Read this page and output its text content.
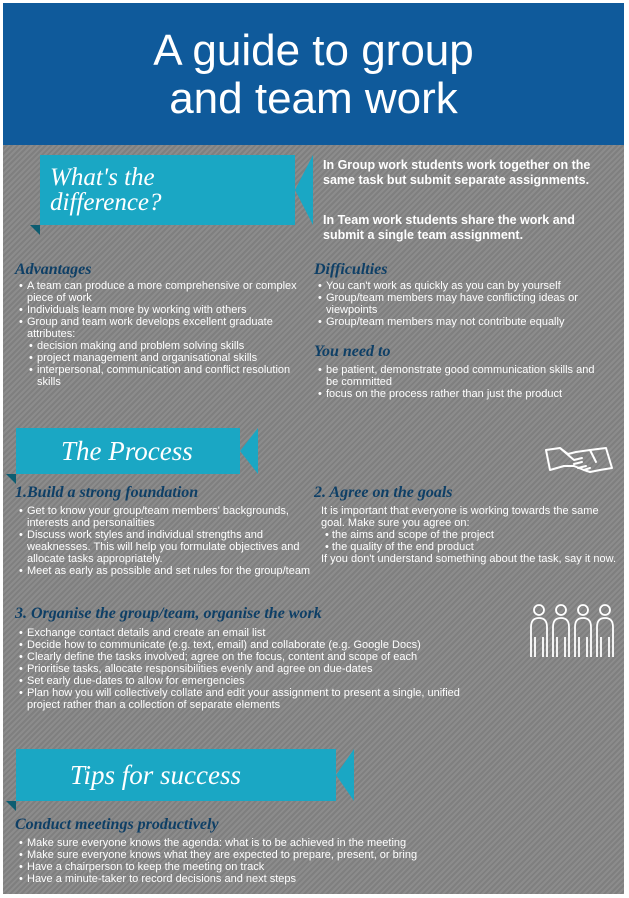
A guide to group
and team work
What's the
difference?
In Group work students work together on the same task but submit separate assignments.
In Team work students share the work and submit a single team assignment.
Advantages
• A team can produce a more comprehensive or complex piece of work
• Individuals learn more by working with others
• Group and team work develops excellent graduate attributes:
• decision making and problem solving skills
• project management and organisational skills
• interpersonal, communication and conflict resolution skills
Difficulties
• You can't work as quickly as you can by yourself
• Group/team members may have conflicting ideas or viewpoints
• Group/team members may not contribute equally
You need to
• be patient, demonstrate good communication skills and be committed
• focus on the process rather than just the product
The Process
1.Build a strong foundation
• Get to know your group/team members' backgrounds, interests and personalities
• Discuss work styles and individual strengths and weaknesses. This will help you formulate objectives and allocate tasks appropriately.
• Meet as early as possible and set rules for the group/team
2. Agree on the goals
It is important that everyone is working towards the same goal. Make sure you agree on:
• the aims and scope of the project
• the quality of the end product
If you don't understand something about the task, say it now.
3. Organise the group/team, organise the work
• Exchange contact details and create an email list
• Decide how to communicate (e.g. text, email) and collaborate (e.g. Google Docs)
• Clearly define the tasks involved; agree on the focus, content and scope of each
• Prioritise tasks, allocate responsibilities evenly and agree on due-dates
• Set early due-dates to allow for emergencies
• Plan how you will collectively collate and edit your assignment to present a single, unified project rather than a collection of separate elements
Tips for success
Conduct meetings productively
• Make sure everyone knows the agenda: what is to be achieved in the meeting
• Make sure everyone knows what they are expected to prepare, present, or bring
• Have a chairperson to keep the meeting on track
• Have a minute-taker to record decisions and next steps
